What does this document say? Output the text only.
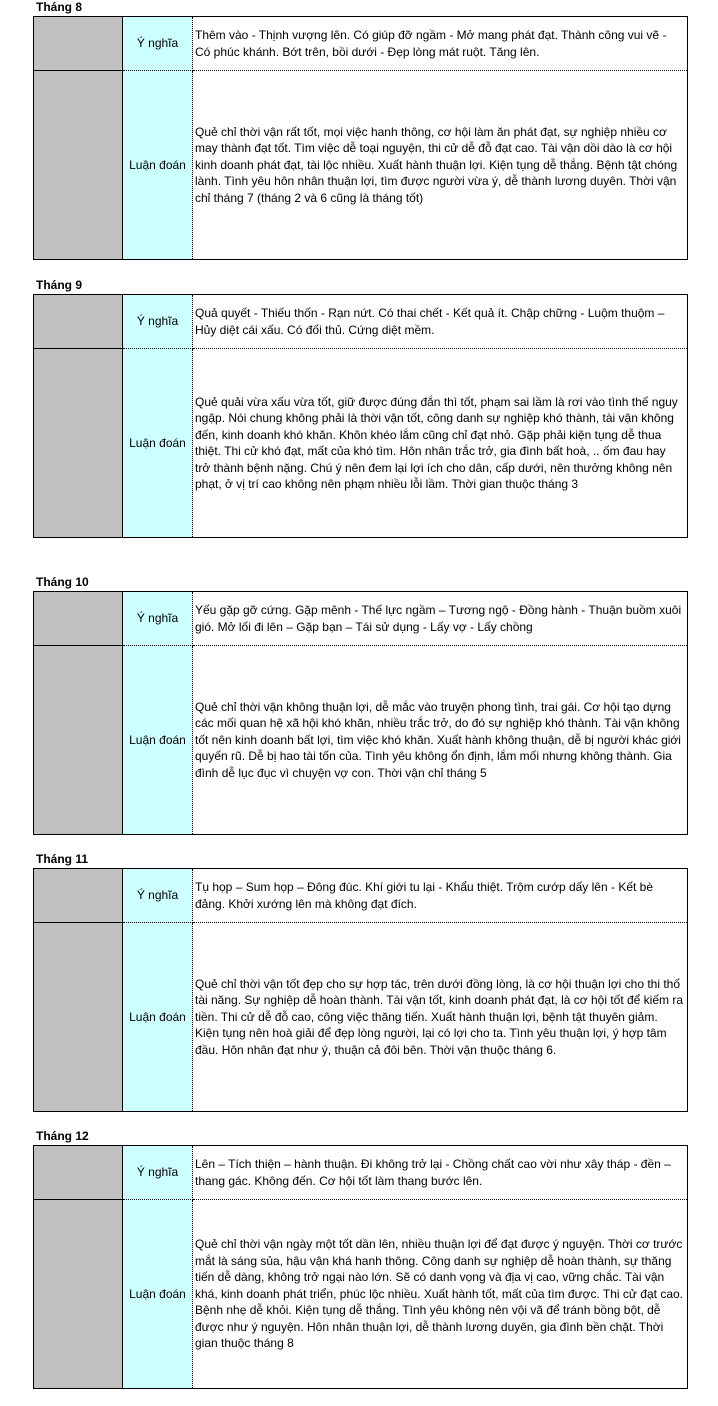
Tháng 8
Ý nghĩa
Thêm vào - Thịnh vượng lên. Có giúp đỡ ngầm - Mở mang phát đạt. Thành công vui vẽ - Có phúc khánh. Bớt trên, bồi dưới - Đẹp lòng mát ruột. Tăng lên.
Luận đoán
Quẻ chỉ thời vận rất tốt, mọi việc hanh thông, cơ hội làm ăn phát đạt, sự nghiệp nhiều cơ may thành đạt tốt. Tìm việc dễ toại nguyện, thi cử dễ đỗ đạt cao. Tài vận dồi dào là cơ hội kinh doanh phát đạt, tài lộc nhiều. Xuất hành thuận lợi. Kiện tụng dễ thắng. Bệnh tật chóng lành. Tình yêu hôn nhân thuận lợi, tìm được người vừa ý, dễ thành lương duyên. Thời vận chỉ tháng 7 (tháng 2 và 6 cũng là tháng tốt)
Tháng 9
Ý nghĩa
Quả quyết - Thiếu thốn - Rạn nứt. Có thai chết - Kết quả ít. Chập chững - Luộm thuộm – Hủy diệt cái xấu. Có đối thủ. Cứng diệt mềm.
Luận đoán
Quẻ quải vừa xấu vừa tốt, giữ được đúng đắn thì tốt, phạm sai lầm là rơi vào tình thế nguy ngập. Nói chung không phải là thời vận tốt, công danh sự nghiệp khó thành, tài vận không đến, kinh doanh khó khăn. Khôn khéo lắm cũng chỉ đạt nhỏ. Gặp phải kiện tụng dễ thua thiệt. Thi cử khó đạt, mất của khó tìm. Hôn nhân trắc trở, gia đình bất hoà, .. ốm đau hay trở thành bệnh nặng. Chú ý nên đem lại lợi ích cho dân, cấp dưới, nên thưởng không nên phạt, ở vị trí cao không nên phạm nhiều lỗi lầm. Thời gian thuộc tháng 3
Tháng 10
Ý nghĩa
Yếu gặp gỡ cứng. Gặp mênh - Thế lực ngầm – Tương ngộ - Đồng hành - Thuận buồm xuôi gió. Mở lối đi lên – Gặp bạn – Tái sử dụng - Lấy vợ - Lấy chồng
Luận đoán
Quẻ chỉ thời vận không thuận lợi, dễ mắc vào truyện phong tình, trai gái. Cơ hội tạo dựng các mối quan hệ xã hội khó khăn, nhiều trắc trở, do đó sự nghiệp khó thành. Tài vận không tốt nên kinh doanh bất lợi, tìm việc khó khăn. Xuất hành không thuận, dễ bị người khác giới quyến rũ. Dễ bị hao tài tốn của. Tình yêu không ổn định, lắm mối nhưng không thành. Gia đình dễ lục đục vì chuyện vợ con. Thời vận chỉ tháng 5
Tháng 11
Ý nghĩa
Tụ họp – Sum họp – Đông đúc. Khí giới tu lại - Khẩu thiệt. Trộm cướp dấy lên - Kết bè đảng. Khởi xướng lên mà không đạt đích.
Luận đoán
Quẻ chỉ thời vận tốt đẹp cho sự hợp tác, trên dưới đồng lòng, là cơ hội thuận lợi cho thi thố tài năng. Sự nghiệp dễ hoàn thành. Tài vận tốt, kinh doanh phát đạt, là cơ hội tốt để kiếm ra tiền. Thi cử dễ đỗ cao, công việc thăng tiến. Xuất hành thuận lợi, bệnh tật thuyên giảm. Kiện tụng nên hoà giải để đẹp lòng người, lại có lợi cho ta. Tình yêu thuận lợi, ý hợp tâm đầu. Hôn nhân đạt như ý, thuận cả đôi bên. Thời vận thuộc tháng 6.
Tháng 12
Ý nghĩa
Lên – Tích thiện – hành thuận. Đi không trở lại - Chồng chất cao vời như xây tháp - đền – thang gác. Không đến. Cơ hội tốt làm thang bước lên.
Luận đoán
Quẻ chỉ thời vận ngày một tốt dần lên, nhiều thuận lợi để đạt được ý nguyện. Thời cơ trước mắt là sáng sủa, hậu vận khá hanh thông. Công danh sự nghiệp dễ hoàn thành, sự thăng tiến dễ dàng, không trở ngại nào lớn. Sẽ có danh vọng và địa vị cao, vững chắc. Tài vận khá, kinh doanh phát triển, phúc lộc nhiều. Xuất hành tốt, mất của tìm được. Thi cử đạt cao. Bệnh nhẹ dễ khỏi. Kiện tụng dễ thắng. Tình yêu không nên vội vã để tránh bồng bột, dễ được như ý nguyện. Hôn nhân thuận lợi, dễ thành lương duyên, gia đình bền chặt. Thời gian thuộc tháng 8
